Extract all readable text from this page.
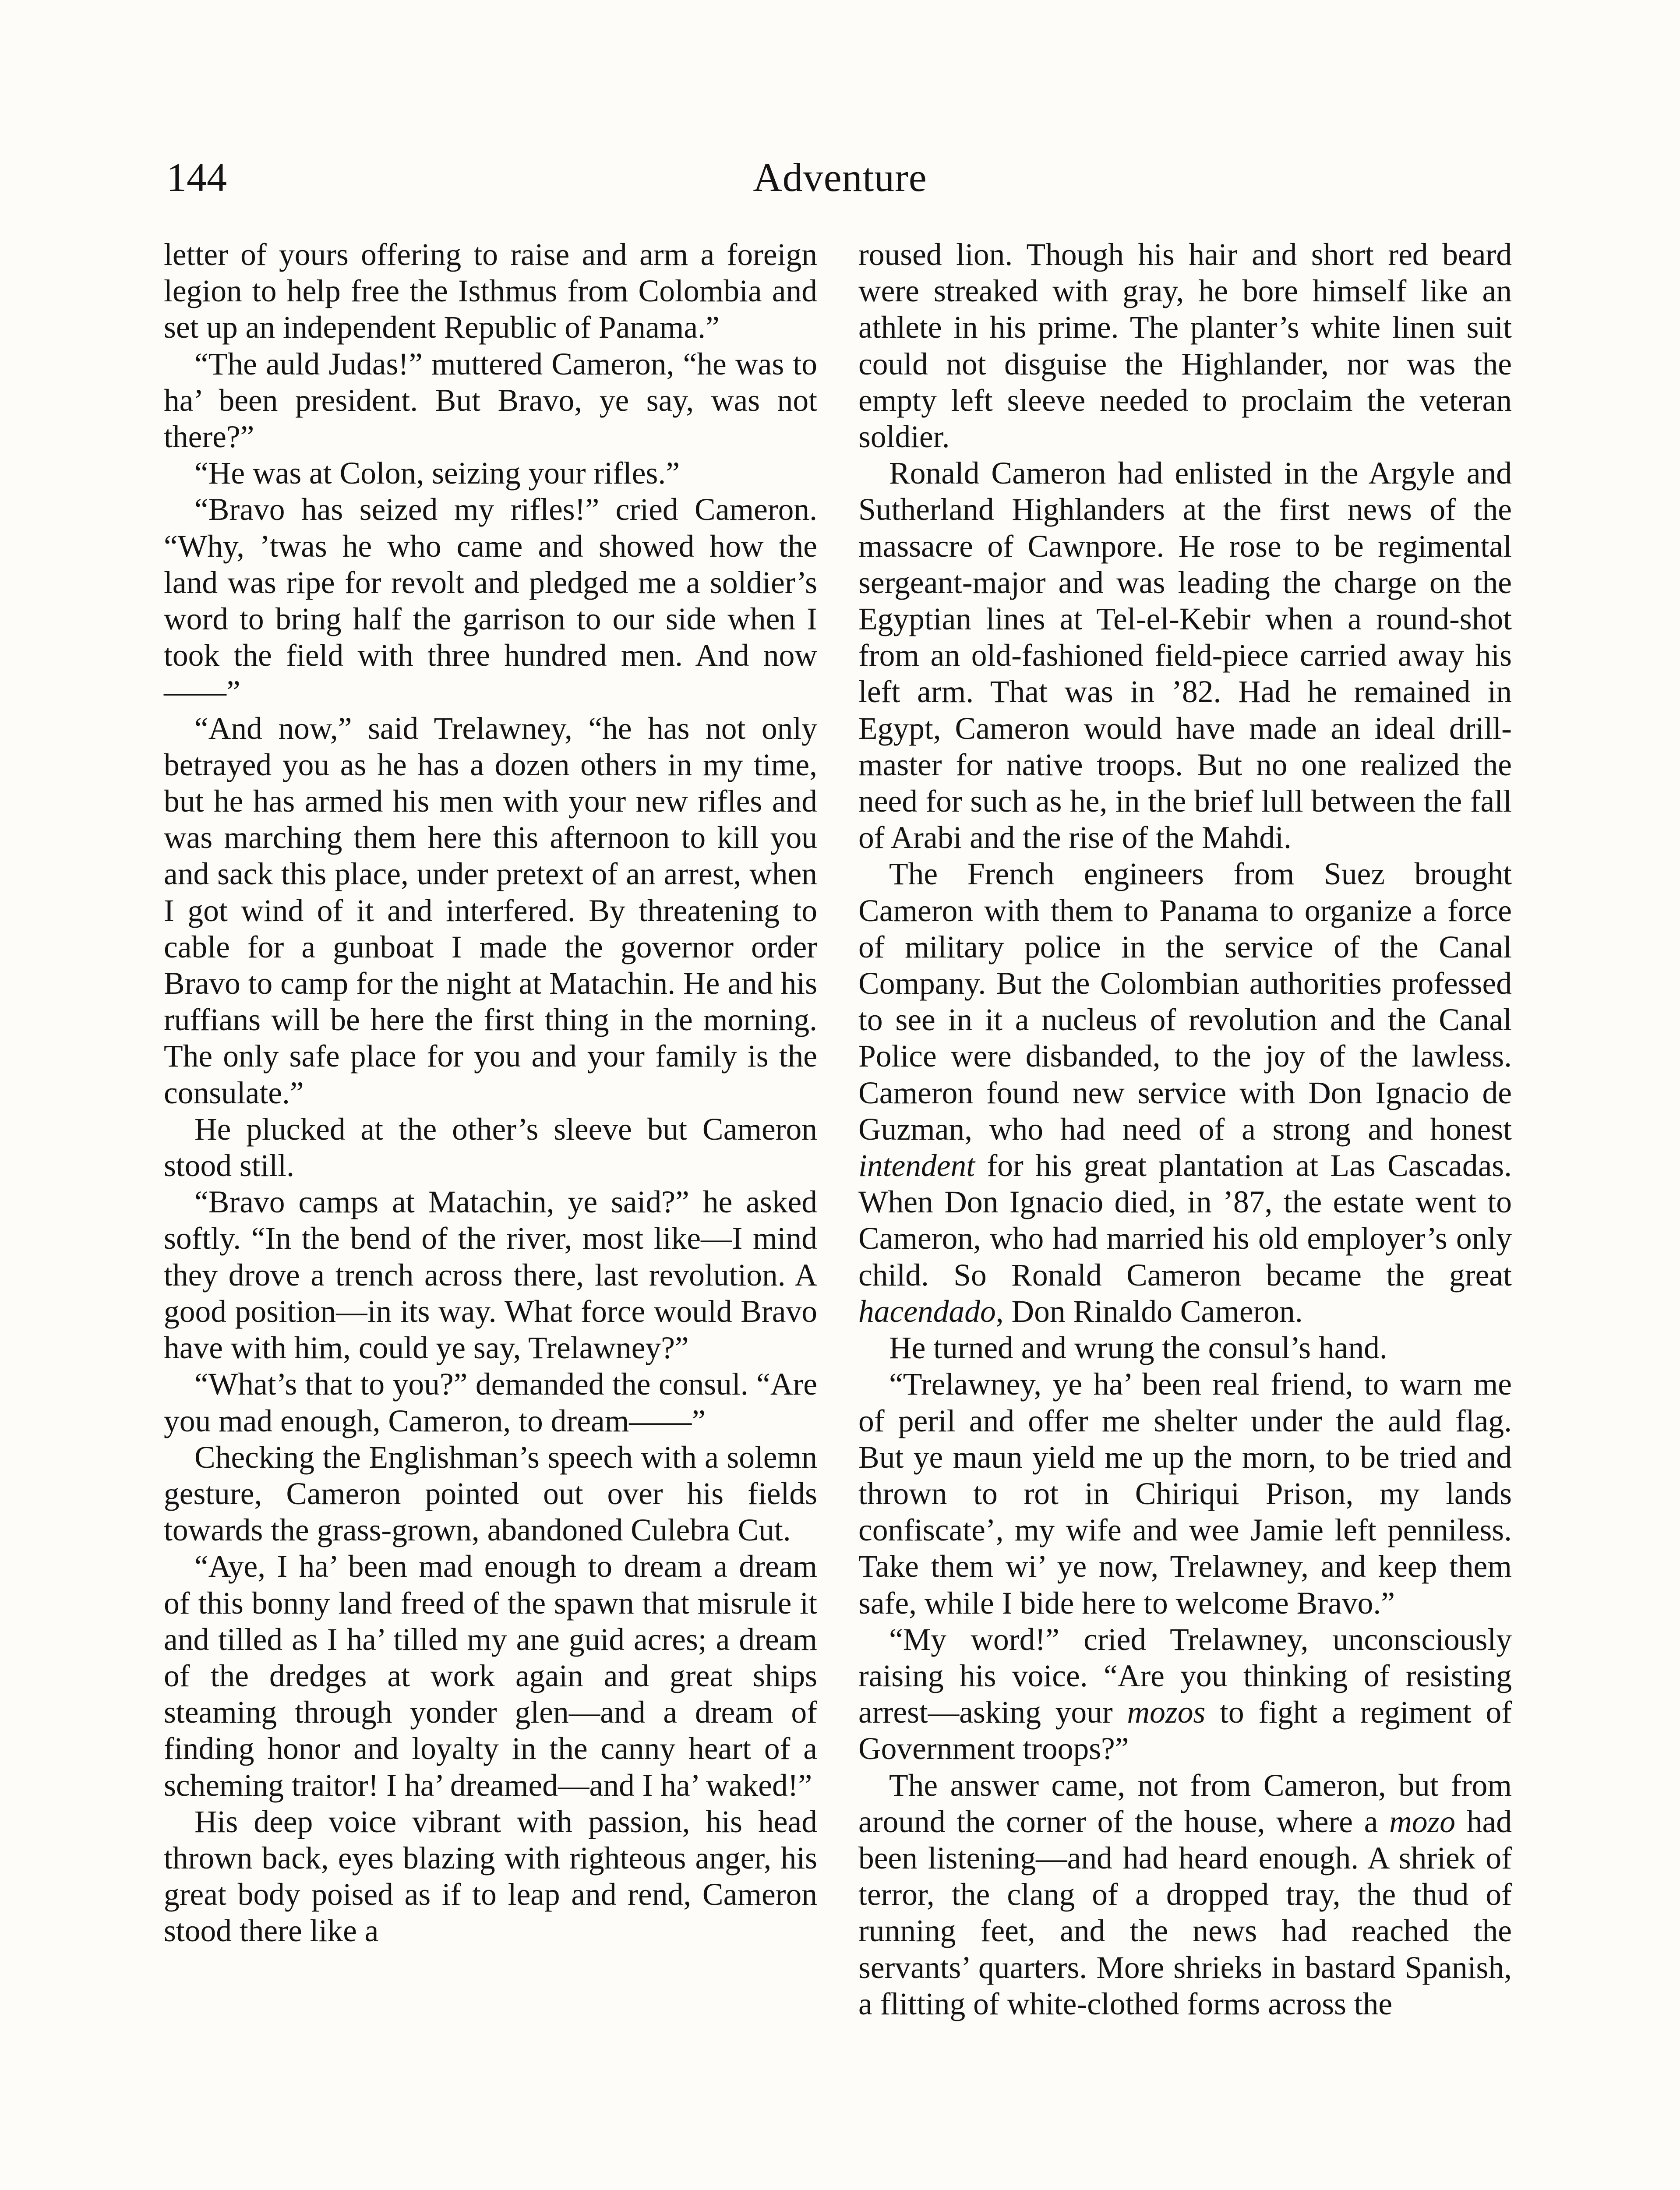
144	Adventure

letter of yours offering to raise and arm a foreign legion to help free the Isthmus from Colombia and set up an independent Republic of Panama.”

“The auld Judas!” muttered Cameron, “he was to ha’ been president. But Bravo, ye say, was not there?”

“He was at Colon, seizing your rifles.”

“Bravo has seized my rifles!” cried Cameron. “Why, ’twas he who came and showed how the land was ripe for revolt and pledged me a soldier’s word to bring half the garrison to our side when I took the field with three hundred men. And now——”

“And now,” said Trelawney, “he has not only betrayed you as he has a dozen others in my time, but he has armed his men with your new rifles and was marching them here this afternoon to kill you and sack this place, under pretext of an arrest, when I got wind of it and interfered. By threatening to cable for a gunboat I made the governor order Bravo to camp for the night at Matachin. He and his ruffians will be here the first thing in the morning. The only safe place for you and your family is the consulate.”

He plucked at the other’s sleeve but Cameron stood still.

“Bravo camps at Matachin, ye said?” he asked softly. “In the bend of the river, most like—I mind they drove a trench across there, last revolution. A good position—in its way. What force would Bravo have with him, could ye say, Trelawney?”

“What’s that to you?” demanded the consul. “Are you mad enough, Cameron, to dream——”

Checking the Englishman’s speech with a solemn gesture, Cameron pointed out over his fields towards the grass-grown, abandoned Culebra Cut.

“Aye, I ha’ been mad enough to dream a dream of this bonny land freed of the spawn that misrule it and tilled as I ha’ tilled my ane guid acres; a dream of the dredges at work again and great ships steaming through yonder glen—and a dream of finding honor and loyalty in the canny heart of a scheming traitor! I ha’ dreamed—and I ha’ waked!”

His deep voice vibrant with passion, his head thrown back, eyes blazing with righteous anger, his great body poised as if to leap and rend, Cameron stood there like a

roused lion. Though his hair and short red beard were streaked with gray, he bore himself like an athlete in his prime. The planter’s white linen suit could not disguise the Highlander, nor was the empty left sleeve needed to proclaim the veteran soldier.

Ronald Cameron had enlisted in the Argyle and Sutherland Highlanders at the first news of the massacre of Cawnpore. He rose to be regimental sergeant-major and was leading the charge on the Egyptian lines at Tel-el-Kebir when a round-shot from an old-fashioned field-piece carried away his left arm. That was in ’82. Had he remained in Egypt, Cameron would have made an ideal drill-master for native troops. But no one realized the need for such as he, in the brief lull between the fall of Arabi and the rise of the Mahdi.

The French engineers from Suez brought Cameron with them to Panama to organize a force of military police in the service of the Canal Company. But the Colombian authorities professed to see in it a nucleus of revolution and the Canal Police were disbanded, to the joy of the lawless. Cameron found new service with Don Ignacio de Guzman, who had need of a strong and honest intendent for his great plantation at Las Cascadas. When Don Ignacio died, in ’87, the estate went to Cameron, who had married his old employer’s only child. So Ronald Cameron became the great hacendado, Don Rinaldo Cameron.

He turned and wrung the consul’s hand.

“Trelawney, ye ha’ been real friend, to warn me of peril and offer me shelter under the auld flag. But ye maun yield me up the morn, to be tried and thrown to rot in Chiriqui Prison, my lands confiscate’, my wife and wee Jamie left penniless. Take them wi’ ye now, Trelawney, and keep them safe, while I bide here to welcome Bravo.”

“My word!” cried Trelawney, unconsciously raising his voice. “Are you thinking of resisting arrest—asking your mozos to fight a regiment of Government troops?”

The answer came, not from Cameron, but from around the corner of the house, where a mozo had been listening—and had heard enough. A shriek of terror, the clang of a dropped tray, the thud of running feet, and the news had reached the servants’ quarters. More shrieks in bastard Spanish, a flitting of white-clothed forms across the
